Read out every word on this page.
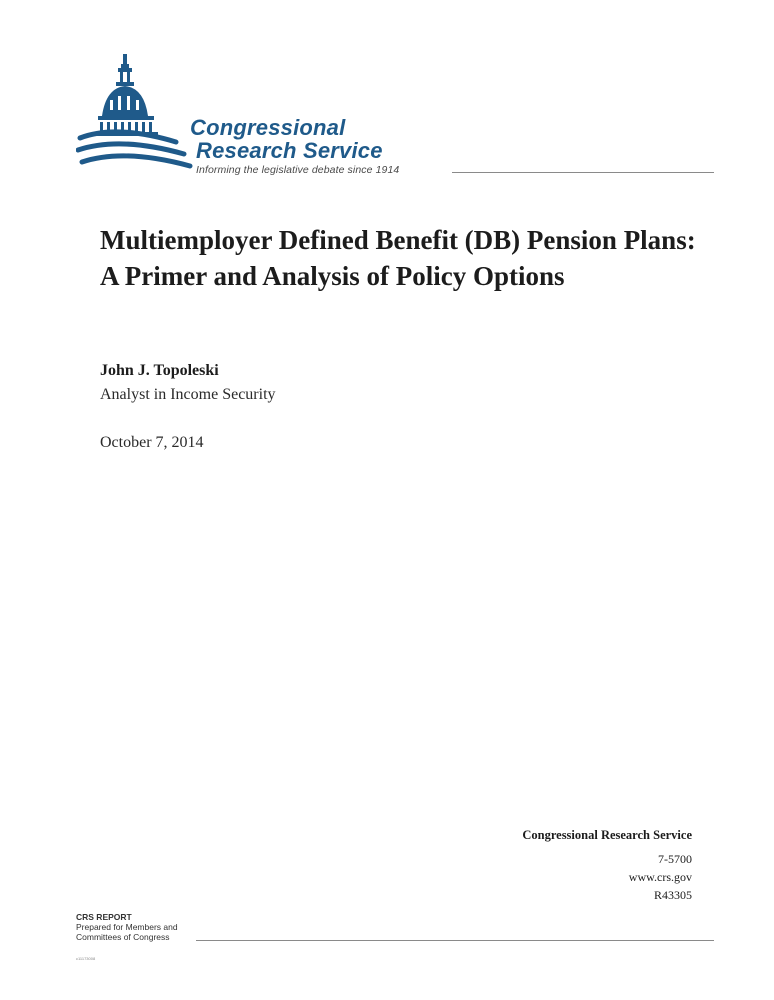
Congressional
Research Service
Informing the legislative debate since 1914
Multiemployer Defined Benefit (DB) Pension Plans: A Primer and Analysis of Policy Options
John J. Topoleski
Analyst in Income Security
October 7, 2014
Congressional Research Service
7-5700
www.crs.gov
R43305
CRS REPORT
Prepared for Members and
Committees of Congress
c11173008
